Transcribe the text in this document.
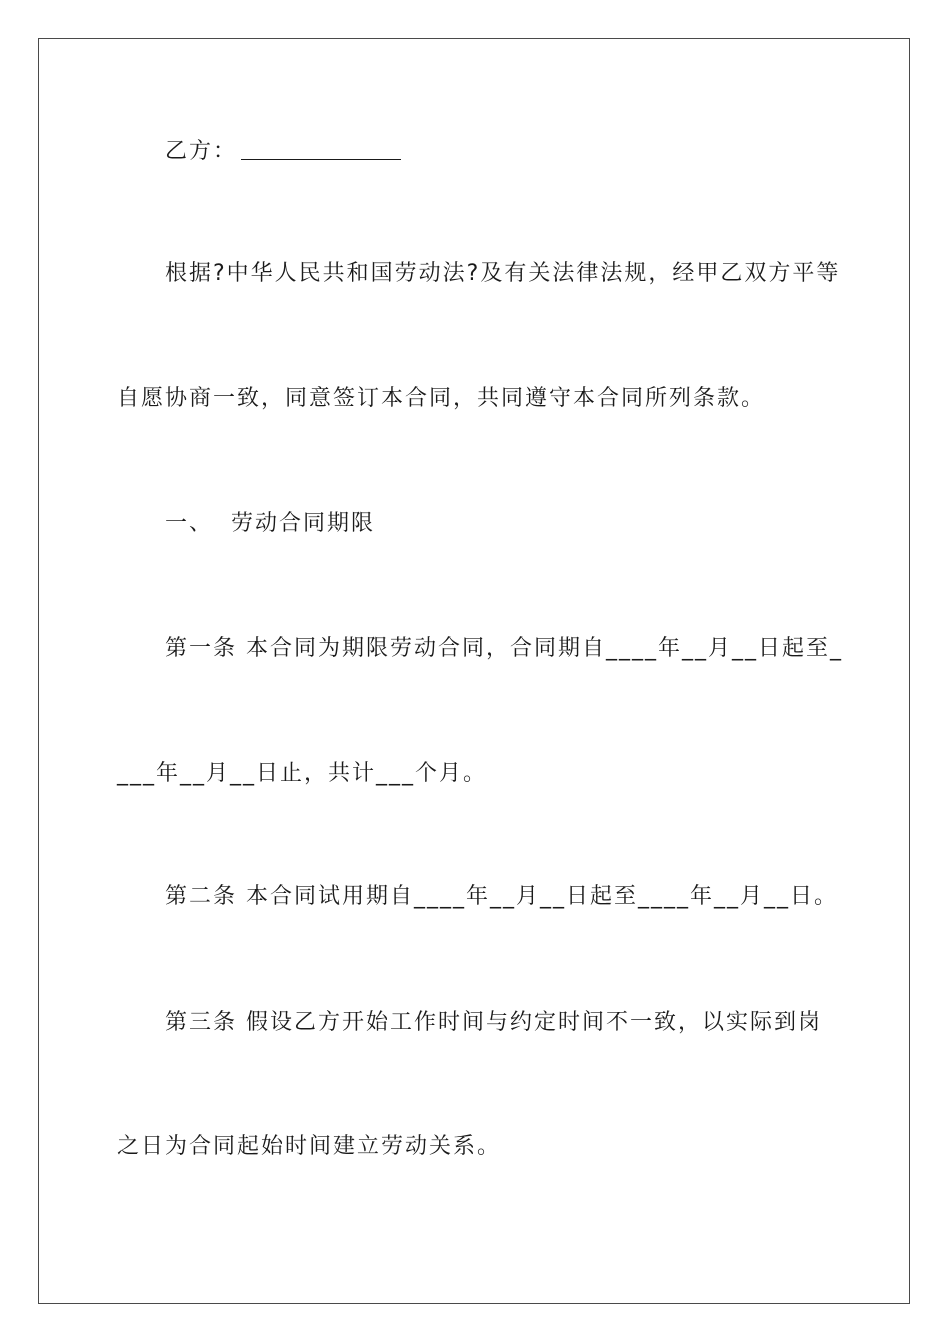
乙方：
根据?中华人民共和国劳动法?及有关法律法规，经甲乙双方平等
自愿协商一致，同意签订本合同，共同遵守本合同所列条款。
一、  劳动合同期限
第一条 本合同为期限劳动合同，合同期自____年__月__日起至_
___年__月__日止，共计___个月。
第二条 本合同试用期自____年__月__日起至____年__月__日。
第三条 假设乙方开始工作时间与约定时间不一致，以实际到岗
之日为合同起始时间建立劳动关系。
